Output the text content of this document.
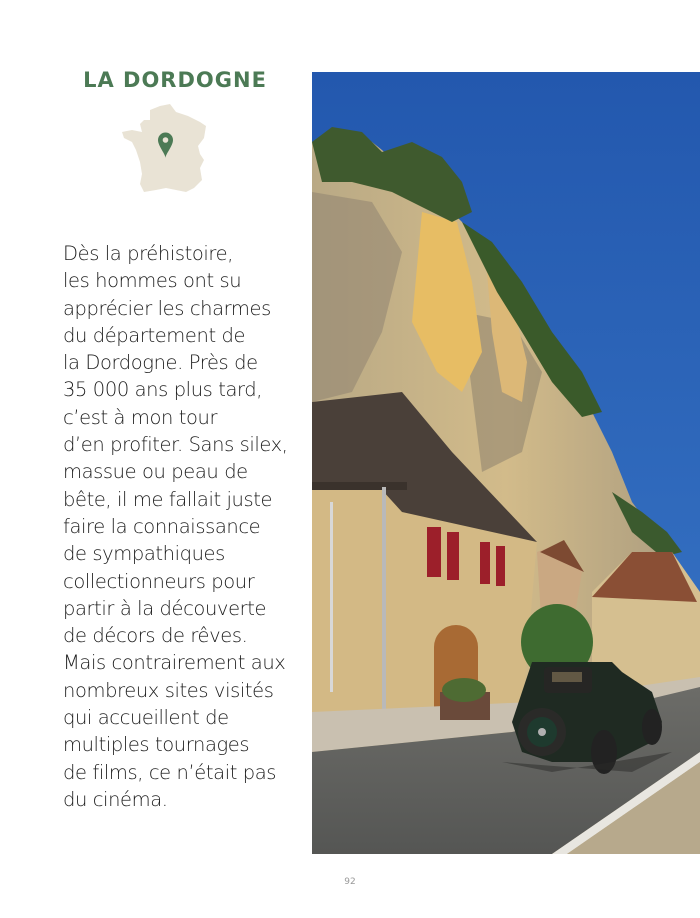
LA DORDOGNE
Dès la préhistoire,
les hommes ont su
apprécier les charmes
du département de
la Dordogne. Près de
35 000 ans plus tard,
c’est à mon tour
d’en profiter. Sans silex,
massue ou peau de
bête, il me fallait juste
faire la connaissance
de sympathiques
collectionneurs pour
partir à la découverte
de décors de rêves.
Mais contrairement aux
nombreux sites visités
qui accueillent de
multiples tournages
de films, ce n’était pas
du cinéma.
92
